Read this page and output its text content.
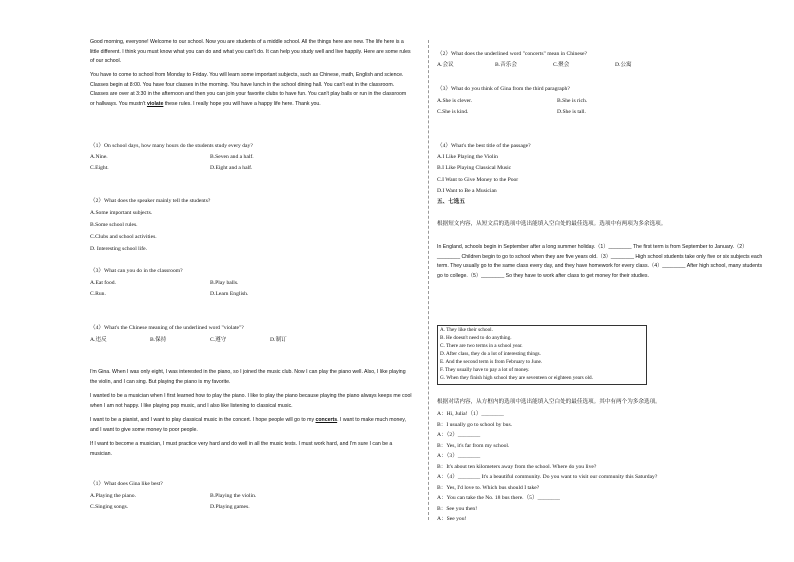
Good morning, everyone! Welcome to our school. Now you are students of a middle school. All the things here are new. The life here is a little different. I think you must know what you can do and what you can't do. It can help you study well and live happily. Here are some rules of our school.

You have to come to school from Monday to Friday. You will learn some important subjects, such as Chinese, math, English and science. Classes begin at 8:00. You have four classes in the morning. You have lunch in the school dining hall. You can't eat in the classroom. Classes are over at 3:30 in the afternoon and then you can join your favorite clubs to have fun. You can't play balls or run in the classroom or hallways. You mustn't violate these rules. I really hope you will have a happy life here. Thank you.

（1）On school days, how many hours do the students study every day?
A.Nine.	B.Seven and a half.
C.Eight.	D.Eight and a half.
（2）What does the speaker mainly tell the students?
A.Some important subjects.
B.Some school rules.
C.Clubs and school activities.
D. Interesting school life.
（3）What can you do in the classroom?
A.Eat food.	B.Play balls.
C.Run.	D.Learn English.
（4）What's the Chinese meaning of the underlined word "violate"?
A.违反	B.保持	C.遵守	D.制订

I'm Gina. When I was only eight, I was interested in the piano, so I joined the music club. Now I can play the piano well. Also, I like playing the violin, and I can sing. But playing the piano is my favorite.

I wanted to be a musician when I first learned how to play the piano. I like to play the piano because playing the piano always keeps me cool when I am not happy. I like playing pop music, and I also like listening to classical music.

I want to be a pianist, and I want to play classical music in the concert. I hope people will go to my concerts. I want to make much money, and I want to give some money to poor people.

If I want to become a musician, I must practice very hard and do well in all the music tests. I must work hard, and I'm sure I can be a musician.

（1）What does Gina like best?
A.Playing the piano.	B.Playing the violin.
C.Singing songs.	D.Playing games.
（2）What does the underlined word "concerts" mean in Chinese?
A.会议	B.音乐会	C.聚会	D.公寓
（3）What do you think of Gina from the third paragraph?
A.She is clever.	B.She is rich.
C.She is kind.	D.She is tall.
（4）What's the best title of the passage?
A.I Like Playing the Violin
B.I Like Playing Classical Music
C.I Want to Give Money to the Poor
D.I Want to Be a Musician
五、七选五
根据短文内容，从短文后的选项中选出能填入空白处的最佳选项。选项中有两项为多余选项。

In England, schools begin in September after a long summer holiday.（1）________ The first term is from September to January.（2）________ Children begin to go to school when they are five years old.（3）________ High school students take only five or six subjects each term. They usually go to the same class every day, and they have homework for every class.（4）________ After high school, many students go to college.（5）________ So they have to work after class to get money for their studies.

A. They like their school.
B. He doesn't need to do anything.
C. There are two terms in a school year.
D. After class, they do a lot of interesting things.
E. And the second term is from February to June.
F. They usually have to pay a lot of money.
G. When they finish high school they are seventeen or eighteen years old.
根据对话内容，从方框内的选项中选出能填入空白处的最佳选项。其中有两个为多余选项。
A：Hi, Julia!（1）________
B：I usually go to school by bus.
A：（2）________
B：Yes, it's far from my school.
A：（3）________
B：It's about ten kilometers away from the school. Where do you live?
A：（4）________ It's a beautiful community. Do you want to visit our community this Saturday?
B：Yes, I'd love to. Which bus should I take?
A：You can take the No. 18 bus there.（5）________
B：See you then!
A：See you!
